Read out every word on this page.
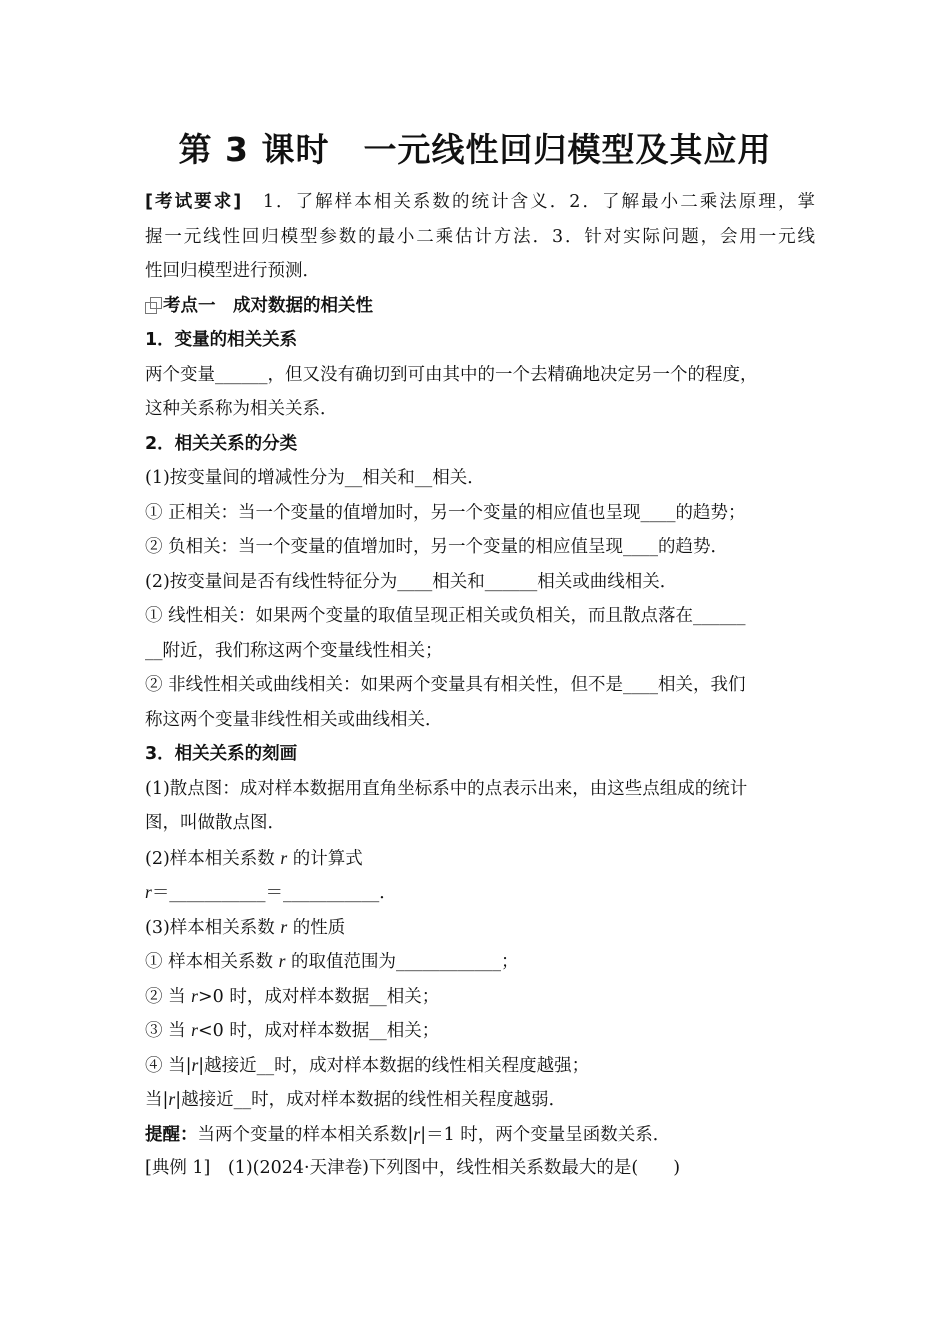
第 3 课时　一元线性回归模型及其应用
[考试要求]　1．了解样本相关系数的统计含义．2．了解最小二乘法原理，掌
握一元线性回归模型参数的最小二乘估计方法．3．针对实际问题，会用一元线
性回归模型进行预测．
考点一　成对数据的相关性
1．变量的相关关系
两个变量______，但又没有确切到可由其中的一个去精确地决定另一个的程度，
这种关系称为相关关系．
2．相关关系的分类
(1)按变量间的增减性分为__相关和__相关．
① 正相关：当一个变量的值增加时，另一个变量的相应值也呈现____的趋势；
② 负相关：当一个变量的值增加时，另一个变量的相应值呈现____的趋势．
(2)按变量间是否有线性特征分为____相关和______相关或曲线相关．
① 线性相关：如果两个变量的取值呈现正相关或负相关，而且散点落在______
__附近，我们称这两个变量线性相关；
② 非线性相关或曲线相关：如果两个变量具有相关性，但不是____相关，我们
称这两个变量非线性相关或曲线相关．
3．相关关系的刻画
(1)散点图：成对样本数据用直角坐标系中的点表示出来，由这些点组成的统计
图，叫做散点图．
(2)样本相关系数 r 的计算式
r＝___________＝___________．
(3)样本相关系数 r 的性质
① 样本相关系数 r 的取值范围为____________；
② 当 r>0 时，成对样本数据__相关；
③ 当 r<0 时，成对样本数据__相关；
④ 当|r|越接近__时，成对样本数据的线性相关程度越强；
当|r|越接近__时，成对样本数据的线性相关程度越弱．
提醒：当两个变量的样本相关系数|r|＝1 时，两个变量呈函数关系．
[典例 1]　(1)(2024·天津卷)下列图中，线性相关系数最大的是(　　)
